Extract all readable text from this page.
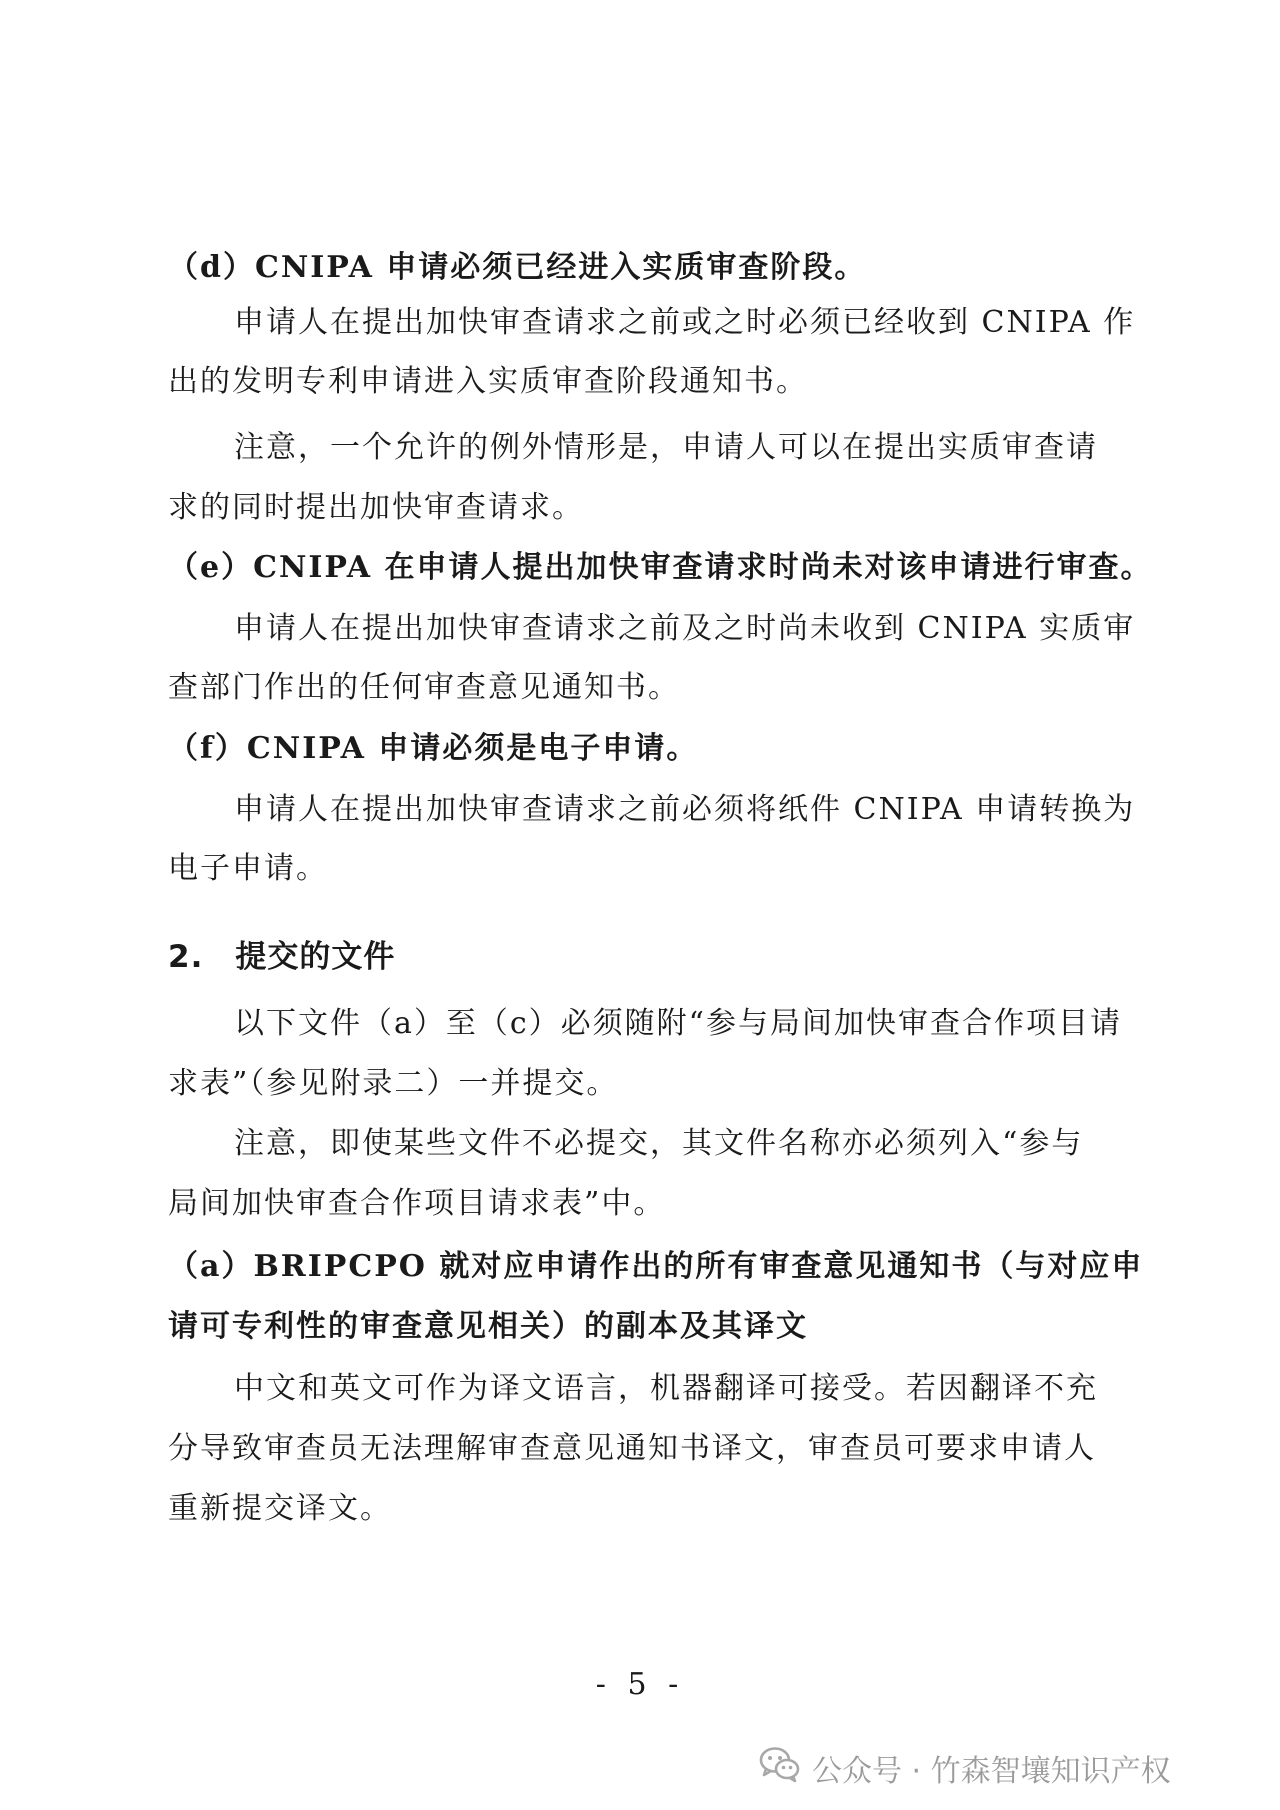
（d）CNIPA 申请必须已经进入实质审查阶段。
申请人在提出加快审查请求之前或之时必须已经收到 CNIPA 作
出的发明专利申请进入实质审查阶段通知书。
注意，一个允许的例外情形是，申请人可以在提出实质审查请
求的同时提出加快审查请求。
（e）CNIPA 在申请人提出加快审查请求时尚未对该申请进行审查。
申请人在提出加快审查请求之前及之时尚未收到 CNIPA 实质审
查部门作出的任何审查意见通知书。
（f）CNIPA 申请必须是电子申请。
申请人在提出加快审查请求之前必须将纸件 CNIPA 申请转换为
电子申请。
2.　提交的文件
以下文件（a）至（c）必须随附“参与局间加快审查合作项目请
求表”（参见附录二）一并提交。
注意，即使某些文件不必提交，其文件名称亦必须列入“参与
局间加快审查合作项目请求表”中。
（a）BRIPCPO 就对应申请作出的所有审查意见通知书（与对应申
请可专利性的审查意见相关）的副本及其译文
中文和英文可作为译文语言，机器翻译可接受。若因翻译不充
分导致审查员无法理解审查意见通知书译文，审查员可要求申请人
重新提交译文。
- 5 -
公众号 · 竹森智壤知识产权
